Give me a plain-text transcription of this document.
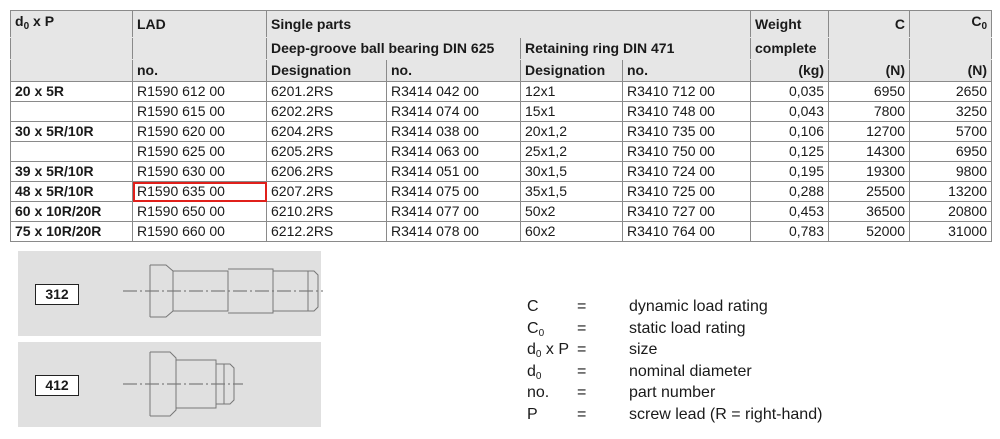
$d_0$ x P	LAD	Single parts				Weight	C	$C_0$
		Deep-groove ball bearing DIN 625		Retaining ring DIN 471		complete		
	no.	Designation	no.	Designation	no.	(kg)	(N)	(N)
20 x 5R	R1590 612 00	6201.2RS	R3414 042 00	12x1	R3410 712 00	0,035	6950	2650
	R1590 615 00	6202.2RS	R3414 074 00	15x1	R3410 748 00	0,043	7800	3250
30 x 5R/10R	R1590 620 00	6204.2RS	R3414 038 00	20x1,2	R3410 735 00	0,106	12700	5700
	R1590 625 00	6205.2RS	R3414 063 00	25x1,2	R3410 750 00	0,125	14300	6950
39 x 5R/10R	R1590 630 00	6206.2RS	R3414 051 00	30x1,5	R3410 724 00	0,195	19300	9800
48 x 5R/10R	R1590 635 00	6207.2RS	R3414 075 00	35x1,5	R3410 725 00	0,288	25500	13200
60 x 10R/20R	R1590 650 00	6210.2RS	R3414 077 00	50x2	R3410 727 00	0,453	36500	20800
75 x 10R/20R	R1590 660 00	6212.2RS	R3414 078 00	60x2	R3410 764 00	0,783	52000	31000
312
412
C	=	dynamic load rating
$C_0$	=	static load rating
$d_0$ x P =	size
$d_0$	=	nominal diameter
no.	=	part number
P	=	screw lead (R = right-hand)
